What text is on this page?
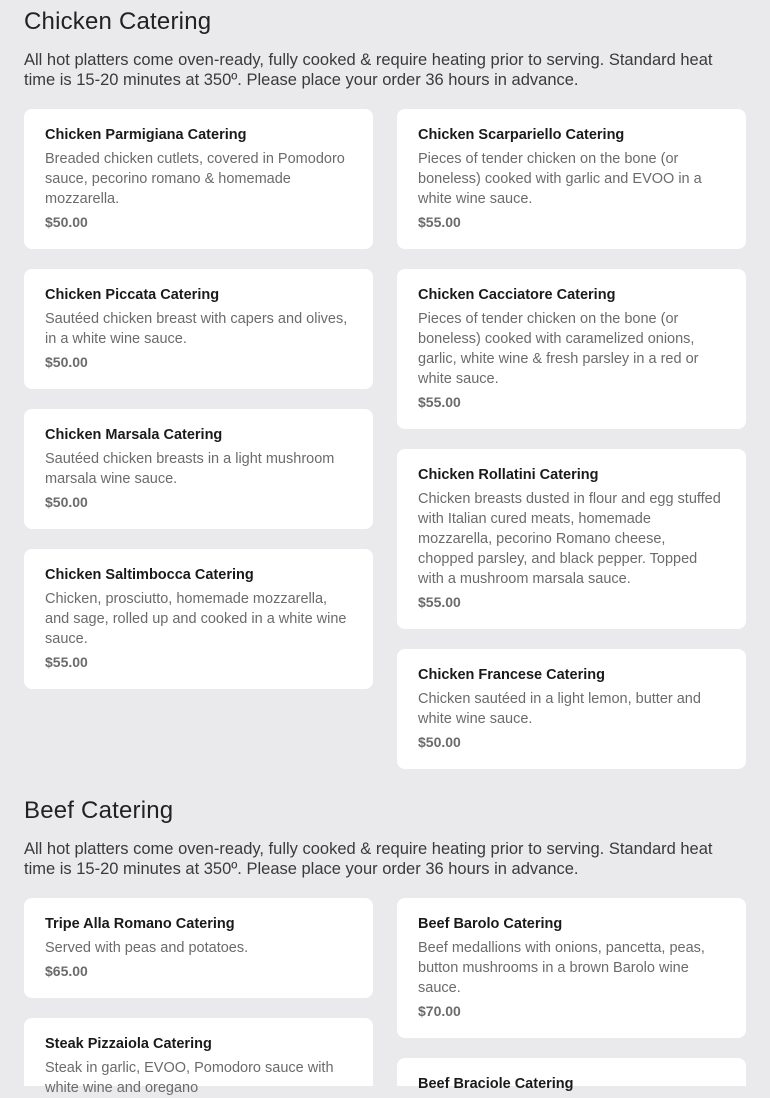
Chicken Catering

All hot platters come oven-ready, fully cooked & require heating prior to serving. Standard heat time is 15-20 minutes at 350º. Please place your order 36 hours in advance.

Chicken Parmigiana Catering
Breaded chicken cutlets, covered in Pomodoro sauce, pecorino romano & homemade mozzarella.
$50.00
Chicken Scarpariello Catering
Pieces of tender chicken on the bone (or boneless) cooked with garlic and EVOO in a white wine sauce.
$55.00
Chicken Piccata Catering
Sautéed chicken breast with capers and olives, in a white wine sauce.
$50.00
Chicken Cacciatore Catering
Pieces of tender chicken on the bone (or boneless) cooked with caramelized onions, garlic, white wine & fresh parsley in a red or white sauce.
$55.00
Chicken Marsala Catering
Sautéed chicken breasts in a light mushroom marsala wine sauce.
$50.00
Chicken Rollatini Catering
Chicken breasts dusted in flour and egg stuffed with Italian cured meats, homemade mozzarella, pecorino Romano cheese, chopped parsley, and black pepper. Topped with a mushroom marsala sauce.
$55.00
Chicken Saltimbocca Catering
Chicken, prosciutto, homemade mozzarella, and sage, rolled up and cooked in a white wine sauce.
$55.00
Chicken Francese Catering
Chicken sautéed in a light lemon, butter and white wine sauce.
$50.00
Beef Catering

All hot platters come oven-ready, fully cooked & require heating prior to serving. Standard heat time is 15-20 minutes at 350º. Please place your order 36 hours in advance.

Tripe Alla Romano Catering
Served with peas and potatoes.
$65.00
Beef Barolo Catering
Beef medallions with onions, pancetta, peas, button mushrooms in a brown Barolo wine sauce.
$70.00
Steak Pizzaiola Catering
Steak in garlic, EVOO, Pomodoro sauce with white wine and oregano	Beef Braciole Catering
